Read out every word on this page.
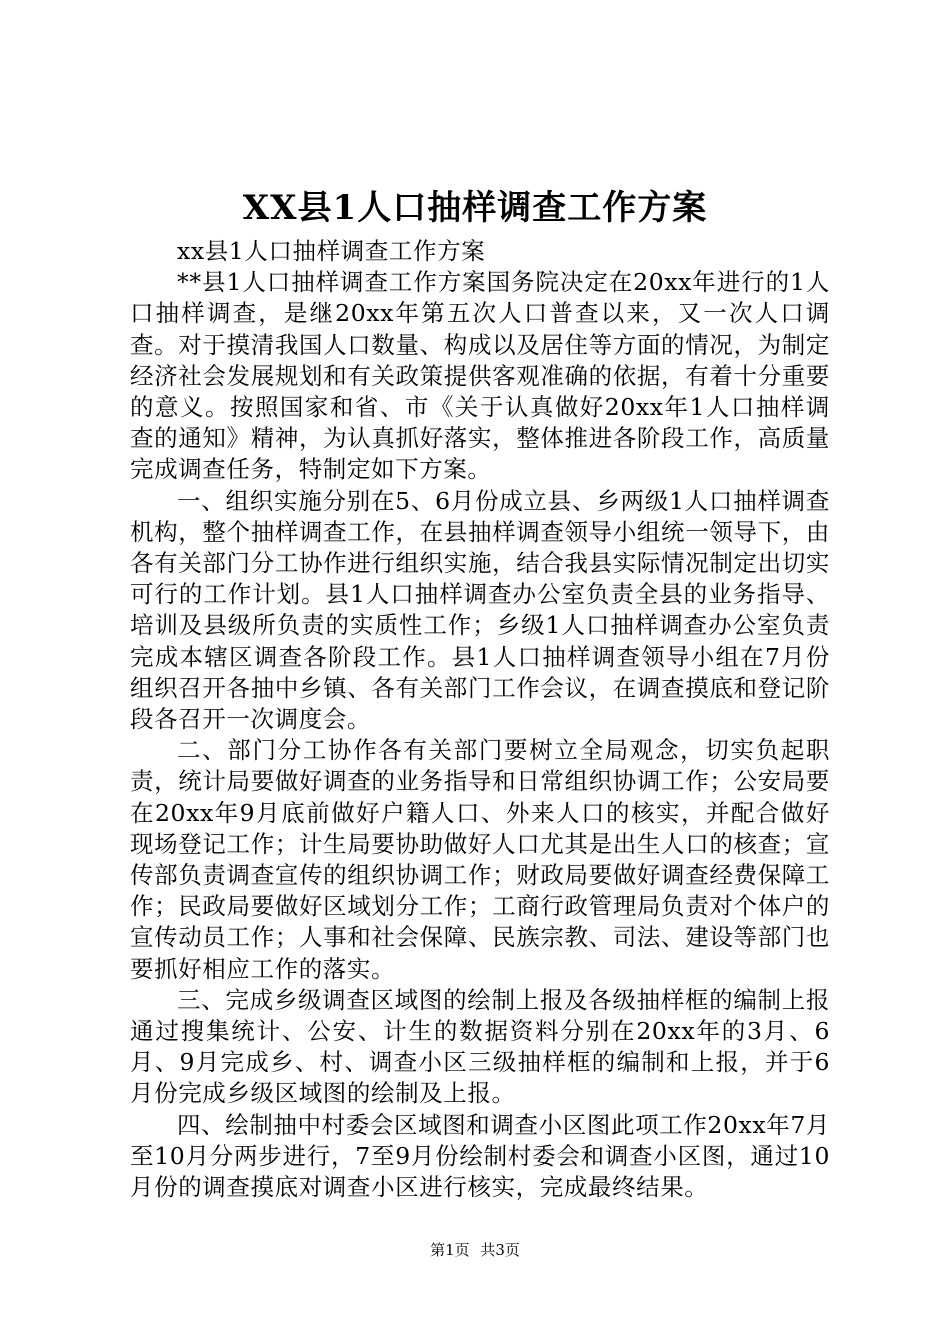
XX县1人口抽样调查工作方案

xx县1人口抽样调查工作方案

**县1人口抽样调查工作方案国务院决定在20xx年进行的1人口抽样调查，是继20xx年第五次人口普查以来，又一次人口调查。对于摸清我国人口数量、构成以及居住等方面的情况，为制定经济社会发展规划和有关政策提供客观准确的依据，有着十分重要的意义。按照国家和省、市《关于认真做好20xx年1人口抽样调查的通知》精神，为认真抓好落实，整体推进各阶段工作，高质量完成调查任务，特制定如下方案。

一、组织实施分别在5、6月份成立县、乡两级1人口抽样调查机构，整个抽样调查工作，在县抽样调查领导小组统一领导下，由各有关部门分工协作进行组织实施，结合我县实际情况制定出切实可行的工作计划。县1人口抽样调查办公室负责全县的业务指导、培训及县级所负责的实质性工作；乡级1人口抽样调查办公室负责完成本辖区调查各阶段工作。县1人口抽样调查领导小组在7月份组织召开各抽中乡镇、各有关部门工作会议，在调查摸底和登记阶段各召开一次调度会。

二、部门分工协作各有关部门要树立全局观念，切实负起职责，统计局要做好调查的业务指导和日常组织协调工作；公安局要在20xx年9月底前做好户籍人口、外来人口的核实，并配合做好现场登记工作；计生局要协助做好人口尤其是出生人口的核查；宣传部负责调查宣传的组织协调工作；财政局要做好调查经费保障工作；民政局要做好区域划分工作；工商行政管理局负责对个体户的宣传动员工作；人事和社会保障、民族宗教、司法、建设等部门也要抓好相应工作的落实。

三、完成乡级调查区域图的绘制上报及各级抽样框的编制上报通过搜集统计、公安、计生的数据资料分别在20xx年的3月、6月、9月完成乡、村、调查小区三级抽样框的编制和上报，并于6月份完成乡级区域图的绘制及上报。

四、绘制抽中村委会区域图和调查小区图此项工作20xx年7月至10月分两步进行，7至9月份绘制村委会和调查小区图，通过10月份的调查摸底对调查小区进行核实，完成最终结果。

第1页 共3页
